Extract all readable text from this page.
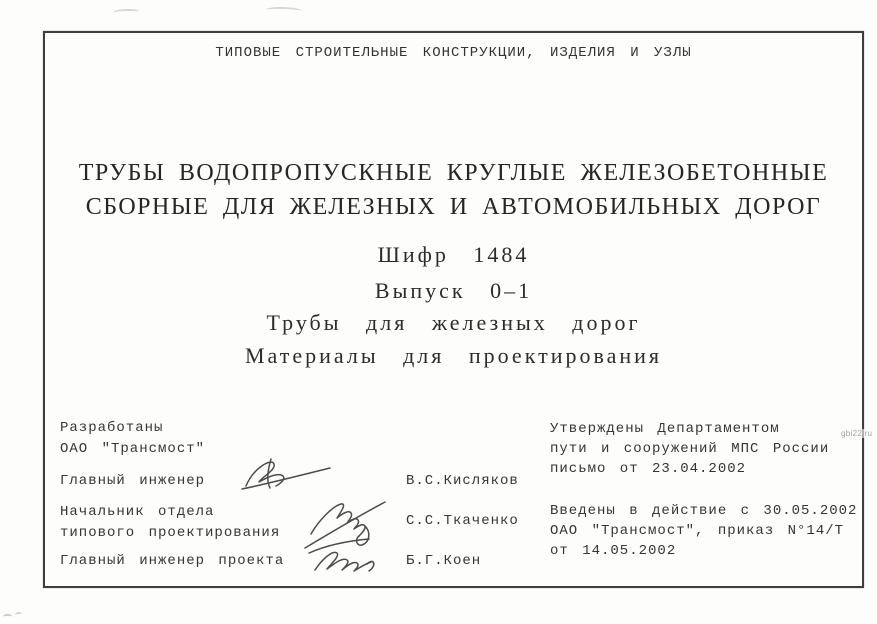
ТИПОВЫЕ СТРОИТЕЛЬНЫЕ КОНСТРУКЦИИ, ИЗДЕЛИЯ И УЗЛЫ
ТРУБЫ ВОДОПРОПУСКНЫЕ КРУГЛЫЕ ЖЕЛЕЗОБЕТОННЫЕ
СБОРНЫЕ ДЛЯ ЖЕЛЕЗНЫХ И АВТОМОБИЛЬНЫХ ДОРОГ
Шифр 1484
Выпуск 0–1
Трубы для железных дорог
Материалы для проектирования
Разработаны
ОАО "Трансмост"
Главный инженер
Начальник отдела
типового проектирования
Главный инженер проекта
В.С.Кисляков
С.С.Ткаченко
Б.Г.Коен
Утверждены Департаментом
пути и сооружений МПС России
письмо от 23.04.2002
Введены в действие с 30.05.2002
ОАО "Трансмост", приказ N°14/Т
от 14.05.2002
gbi22.ru
